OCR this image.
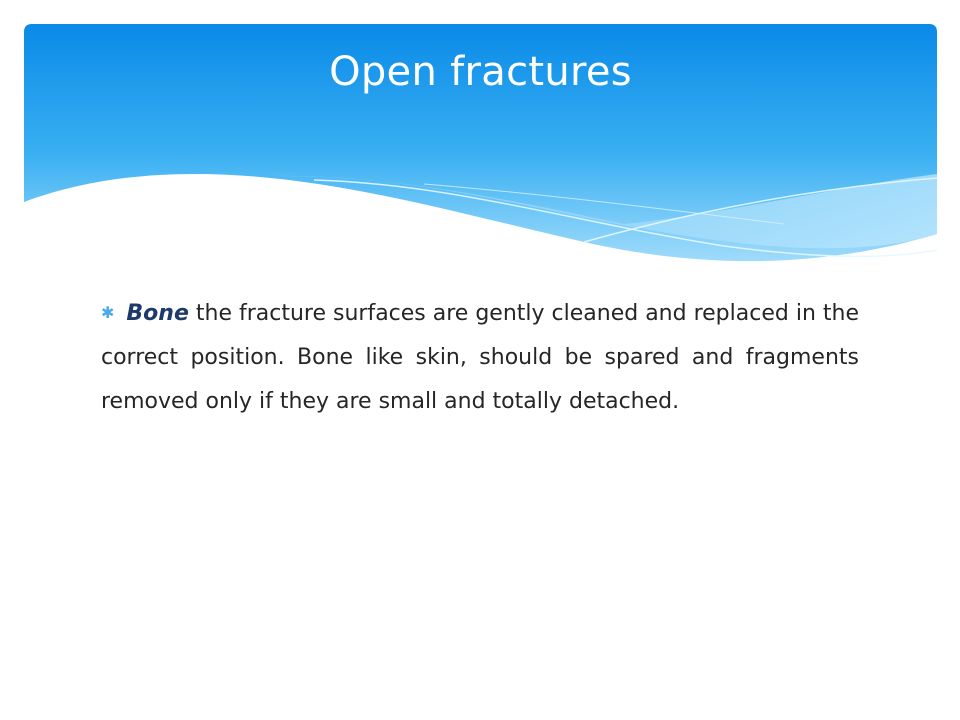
Open fractures

✱ Bone the fracture surfaces are gently cleaned and replaced in the correct position. Bone like skin, should be spared and fragments removed only if they are small and totally detached.
